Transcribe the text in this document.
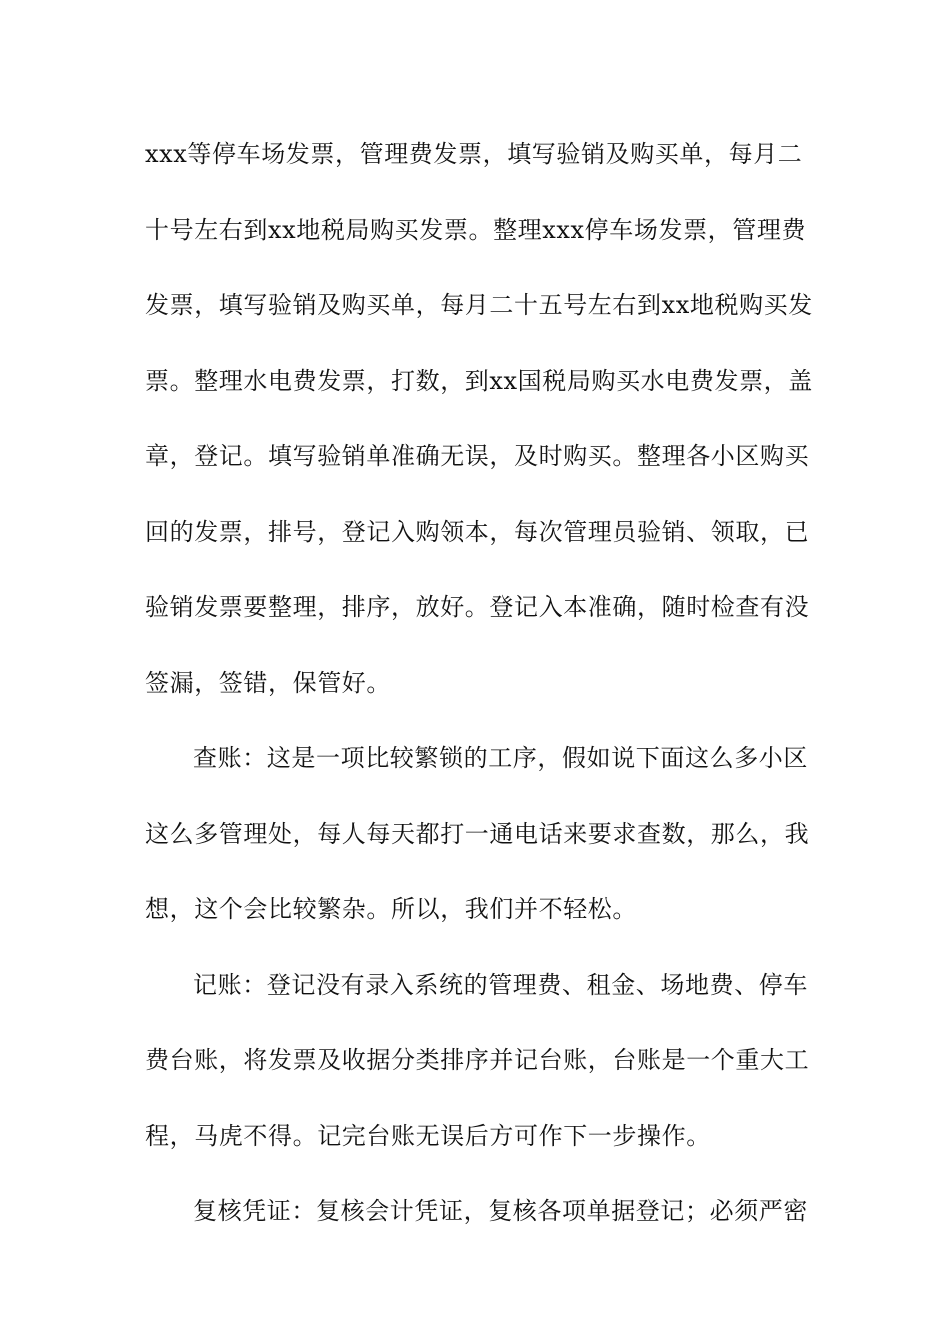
xxx等停车场发票，管理费发票，填写验销及购买单，每月二
十号左右到xx地税局购买发票。整理xxx停车场发票，管理费
发票，填写验销及购买单，每月二十五号左右到xx地税购买发
票。整理水电费发票，打数，到xx国税局购买水电费发票，盖
章，登记。填写验销单准确无误，及时购买。整理各小区购买
回的发票，排号，登记入购领本，每次管理员验销、领取，已
验销发票要整理，排序，放好。登记入本准确，随时检查有没
签漏，签错，保管好。
查账：这是一项比较繁锁的工序，假如说下面这么多小区
这么多管理处，每人每天都打一通电话来要求查数，那么，我
想，这个会比较繁杂。所以，我们并不轻松。
记账：登记没有录入系统的管理费、租金、场地费、停车
费台账，将发票及收据分类排序并记台账，台账是一个重大工
程，马虎不得。记完台账无误后方可作下一步操作。
复核凭证：复核会计凭证，复核各项单据登记；必须严密
